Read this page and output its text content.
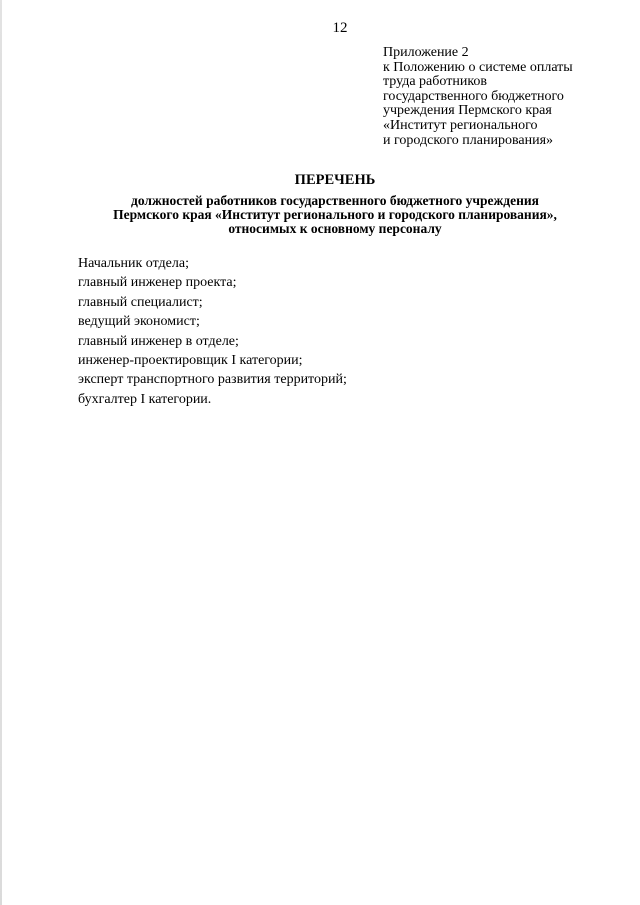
12
Приложение 2
к Положению о системе оплаты
труда работников
государственного бюджетного
учреждения Пермского края
«Институт регионального
и городского планирования»
ПЕРЕЧЕНЬ
должностей работников государственного бюджетного учреждения
Пермского края «Институт регионального и городского планирования»,
относимых к основному персоналу
Начальник отдела;
главный инженер проекта;
главный специалист;
ведущий экономист;
главный инженер в отделе;
инженер-проектировщик I категории;
эксперт транспортного развития территорий;
бухгалтер I категории.
